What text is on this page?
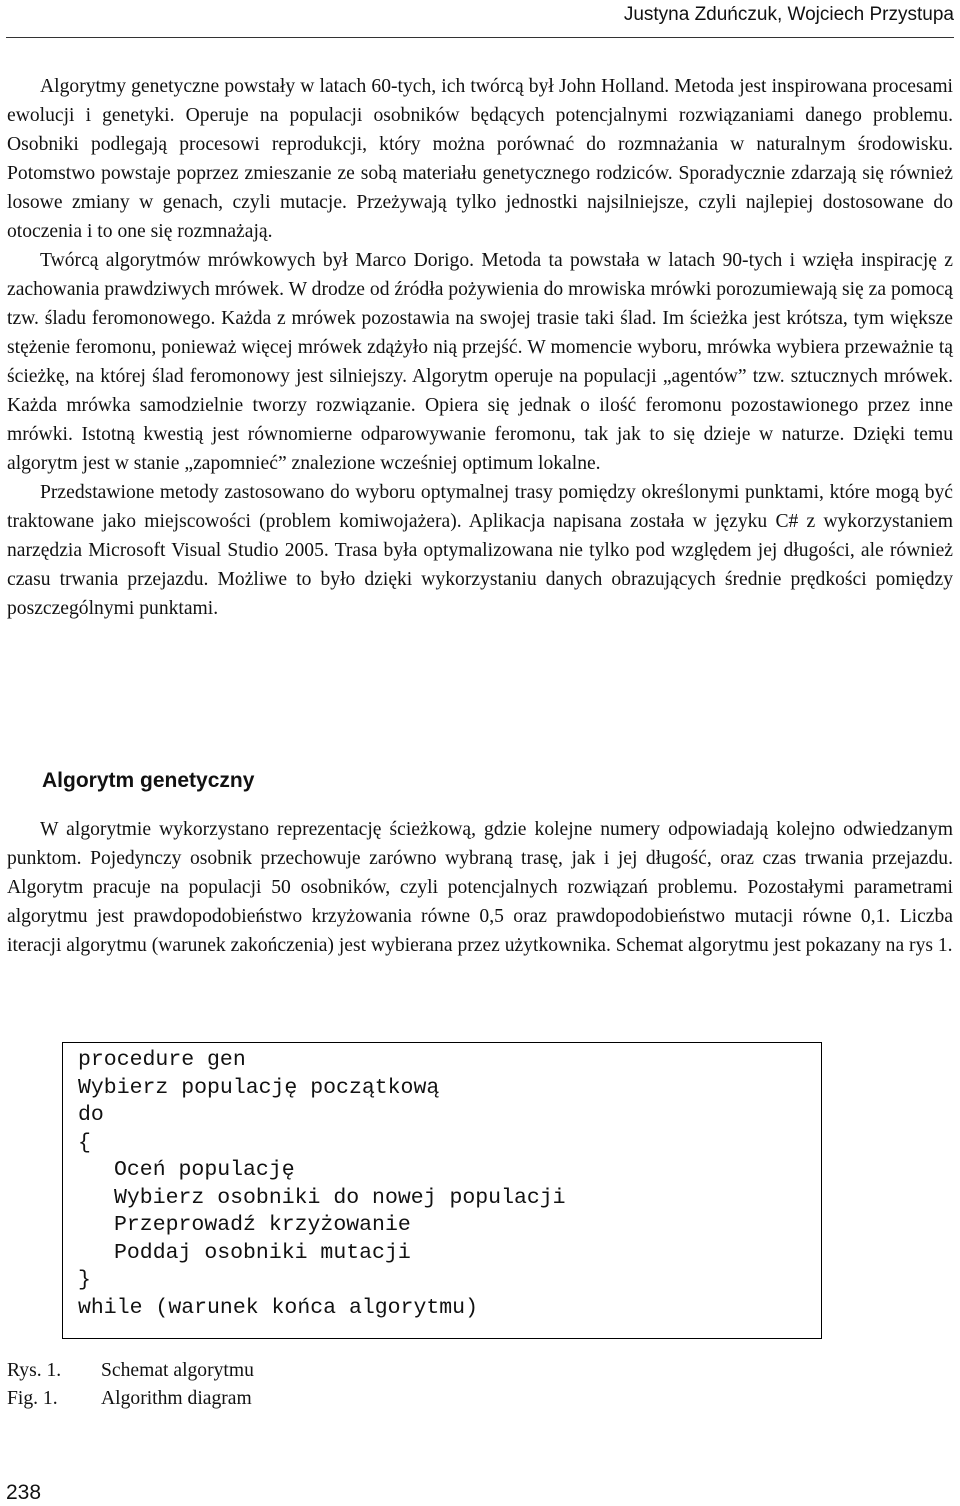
Justyna Zduńczuk, Wojciech Przystupa

Algorytmy genetyczne powstały w latach 60-tych, ich twórcą był John Holland. Metoda jest inspirowana procesami ewolucji i genetyki. Operuje na populacji osobników będących potencjalnymi rozwiązaniami danego problemu. Osobniki podlegają procesowi reprodukcji, który można porównać do rozmnażania w naturalnym środowisku. Potomstwo powstaje poprzez zmieszanie ze sobą materiału genetycznego rodziców. Sporadycznie zdarzają się również losowe zmiany w genach, czyli mutacje. Przeżywają tylko jednostki najsilniejsze, czyli najlepiej dostosowane do otoczenia i to one się rozmnażają.

Twórcą algorytmów mrówkowych był Marco Dorigo. Metoda ta powstała w latach 90-tych i wzięła inspirację z zachowania prawdziwych mrówek. W drodze od źródła pożywienia do mrowiska mrówki porozumiewają się za pomocą tzw. śladu feromonowego. Każda z mrówek pozostawia na swojej trasie taki ślad. Im ścieżka jest krótsza, tym większe stężenie feromonu, ponieważ więcej mrówek zdążyło nią przejść. W momencie wyboru, mrówka wybiera przeważnie tą ścieżkę, na której ślad feromonowy jest silniejszy. Algorytm operuje na populacji „agentów” tzw. sztucznych mrówek. Każda mrówka samodzielnie tworzy rozwiązanie. Opiera się jednak o ilość feromonu pozostawionego przez inne mrówki. Istotną kwestią jest równomierne odparowywanie feromonu, tak jak to się dzieje w naturze. Dzięki temu algorytm jest w stanie „zapomnieć” znalezione wcześniej optimum lokalne.

Przedstawione metody zastosowano do wyboru optymalnej trasy pomiędzy określonymi punktami, które mogą być traktowane jako miejscowości (problem komiwojażera). Aplikacja napisana została w języku C# z wykorzystaniem narzędzia Microsoft Visual Studio 2005. Trasa była optymalizowana nie tylko pod względem jej długości, ale również czasu trwania przejazdu. Możliwe to było dzięki wykorzystaniu danych obrazujących średnie prędkości pomiędzy poszczególnymi punktami.

Algorytm genetyczny

W algorytmie wykorzystano reprezentację ścieżkową, gdzie kolejne numery odpowiadają kolejno odwiedzanym punktom. Pojedynczy osobnik przechowuje zarówno wybraną trasę, jak i jej długość, oraz czas trwania przejazdu. Algorytm pracuje na populacji 50 osobników, czyli potencjalnych rozwiązań problemu. Pozostałymi parametrami algorytmu jest prawdopodobieństwo krzyżowania równe 0,5 oraz prawdopodobieństwo mutacji równe 0,1. Liczba iteracji algorytmu (warunek zakończenia) jest wybierana przez użytkownika. Schemat algorytmu jest pokazany na rys 1.

procedure gen
Wybierz populację początkową
do
{
Oceń populację
Wybierz osobniki do nowej populacji
Przeprowadź krzyżowanie
Poddaj osobniki mutacji
}
while (warunek końca algorytmu)
Rys. 1. Schemat algorytmu
Fig. 1. Algorithm diagram
238
